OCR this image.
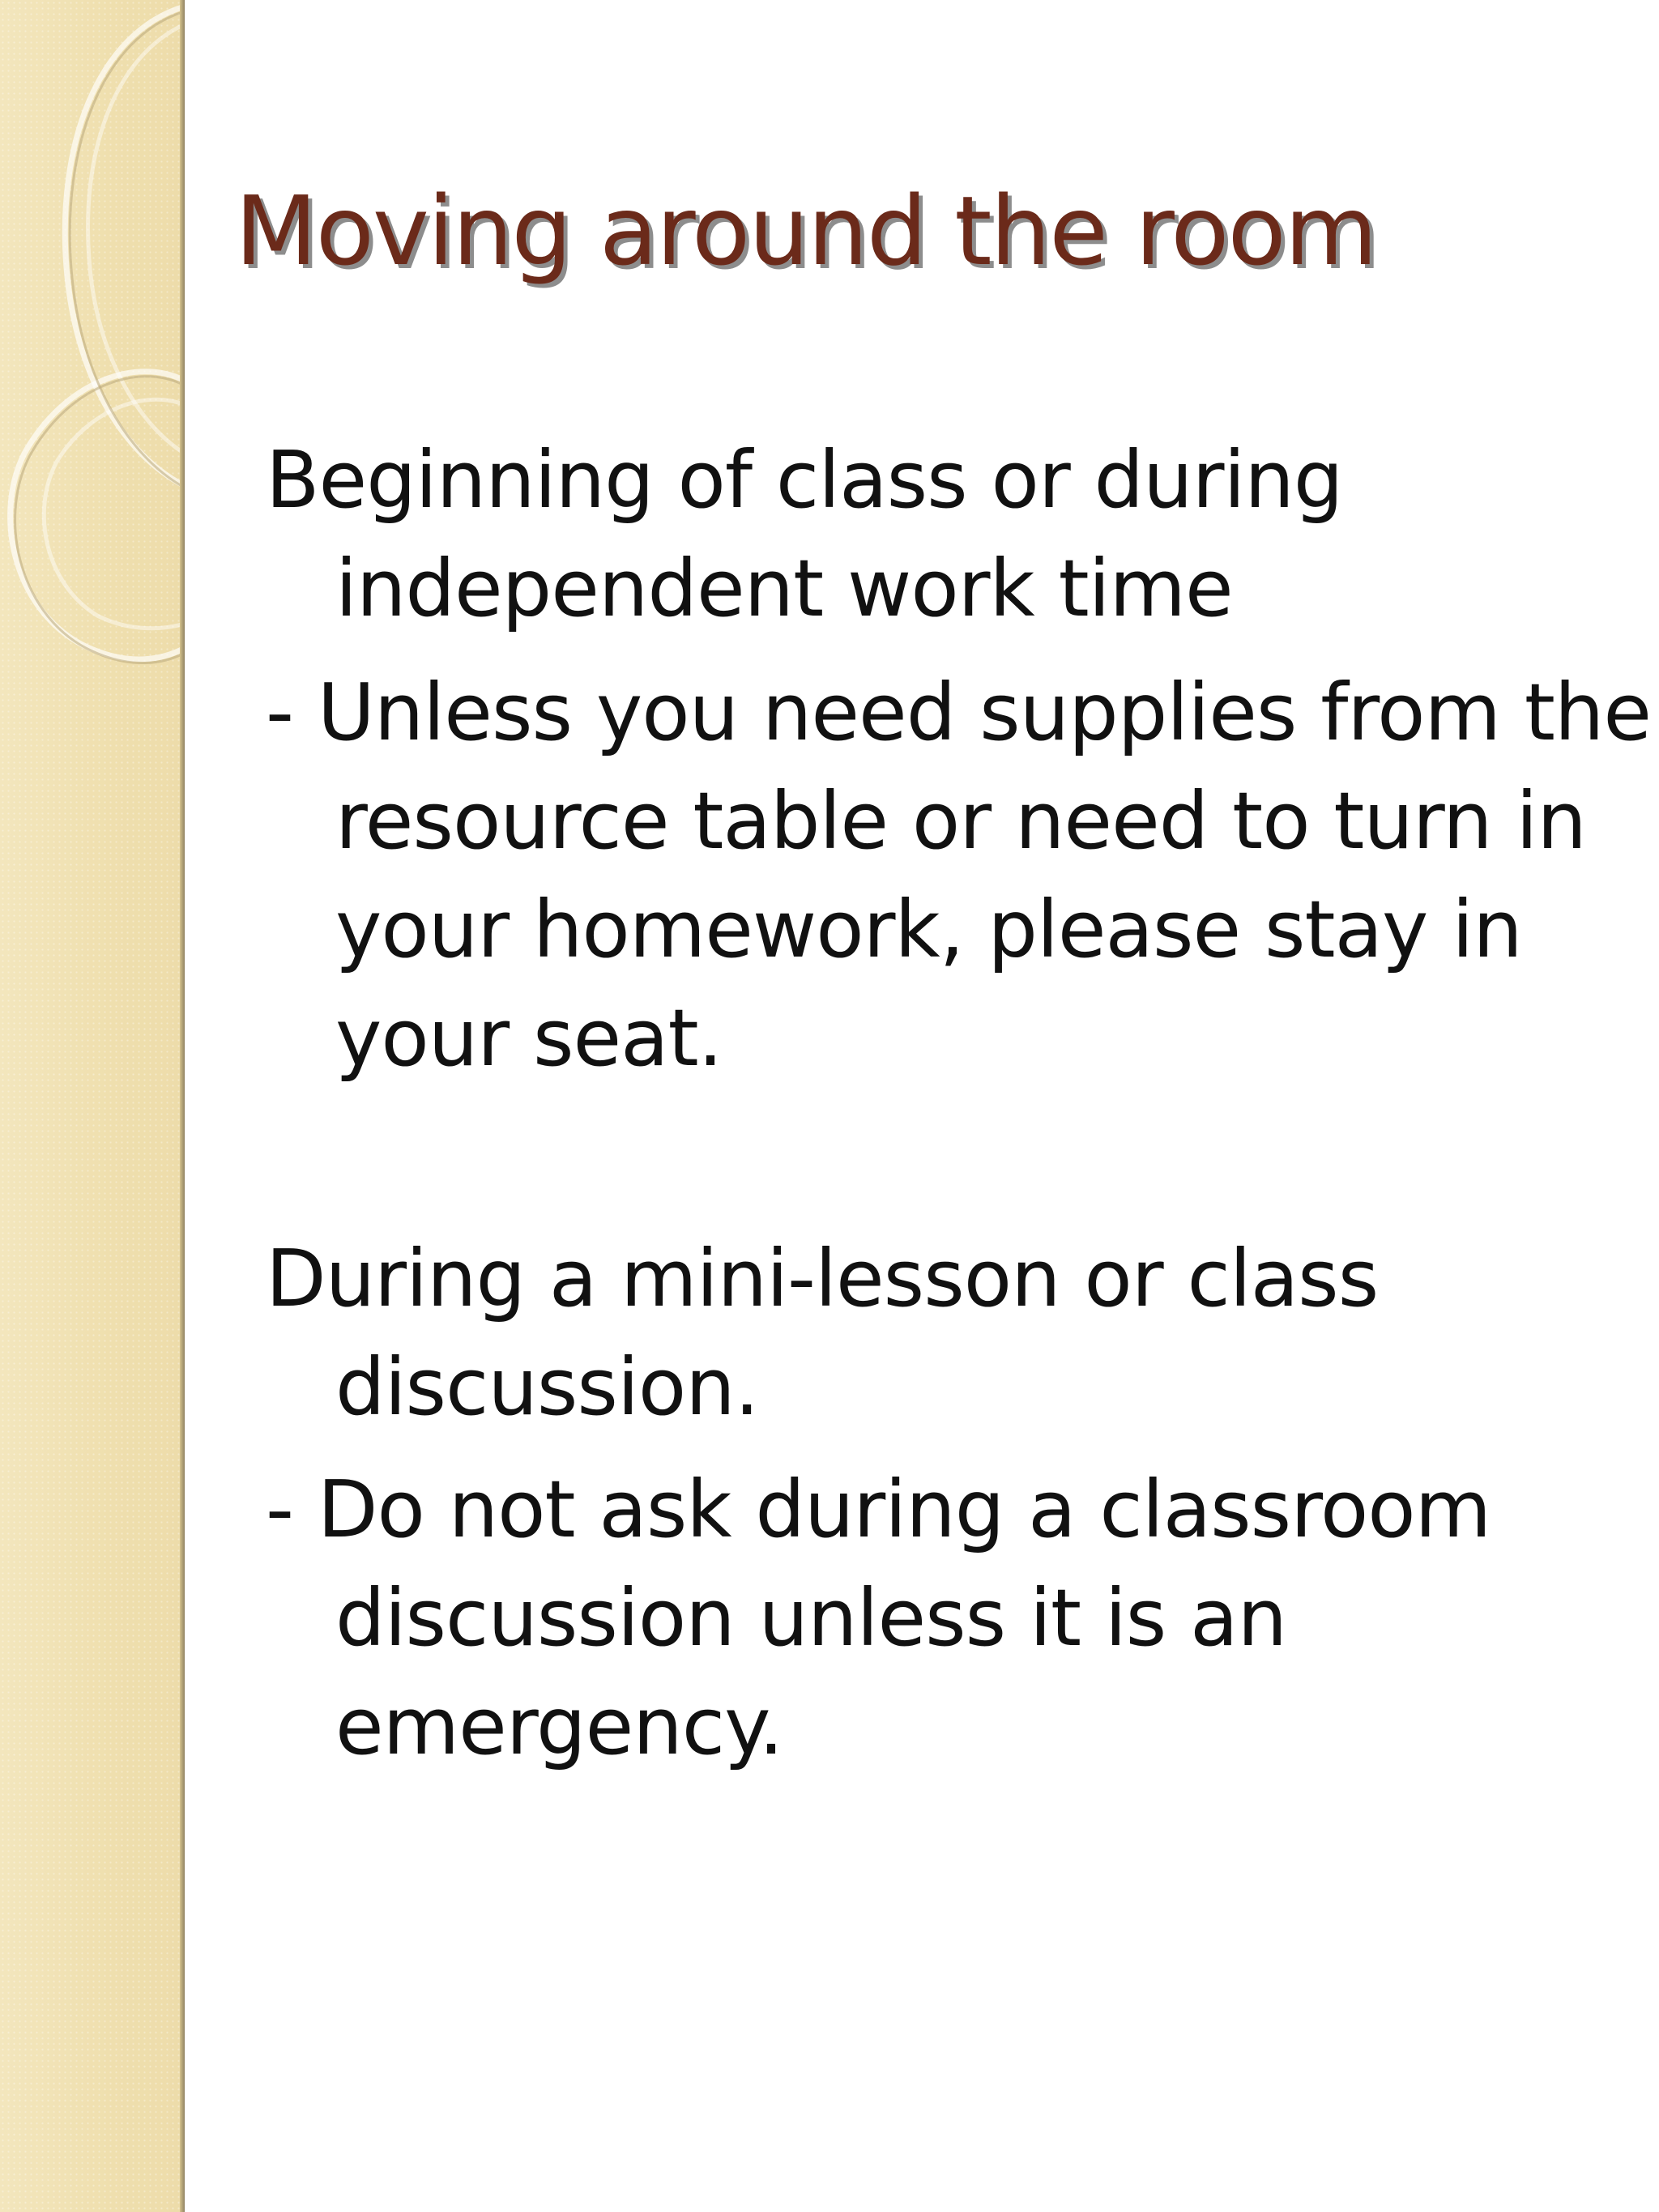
Moving around the room

Beginning of class or during independent work time

- Unless you need supplies from the resource table or need to turn in your homework, please stay in your seat.

During a mini-lesson or class discussion.

- Do not ask during a classroom discussion unless it is an emergency.
